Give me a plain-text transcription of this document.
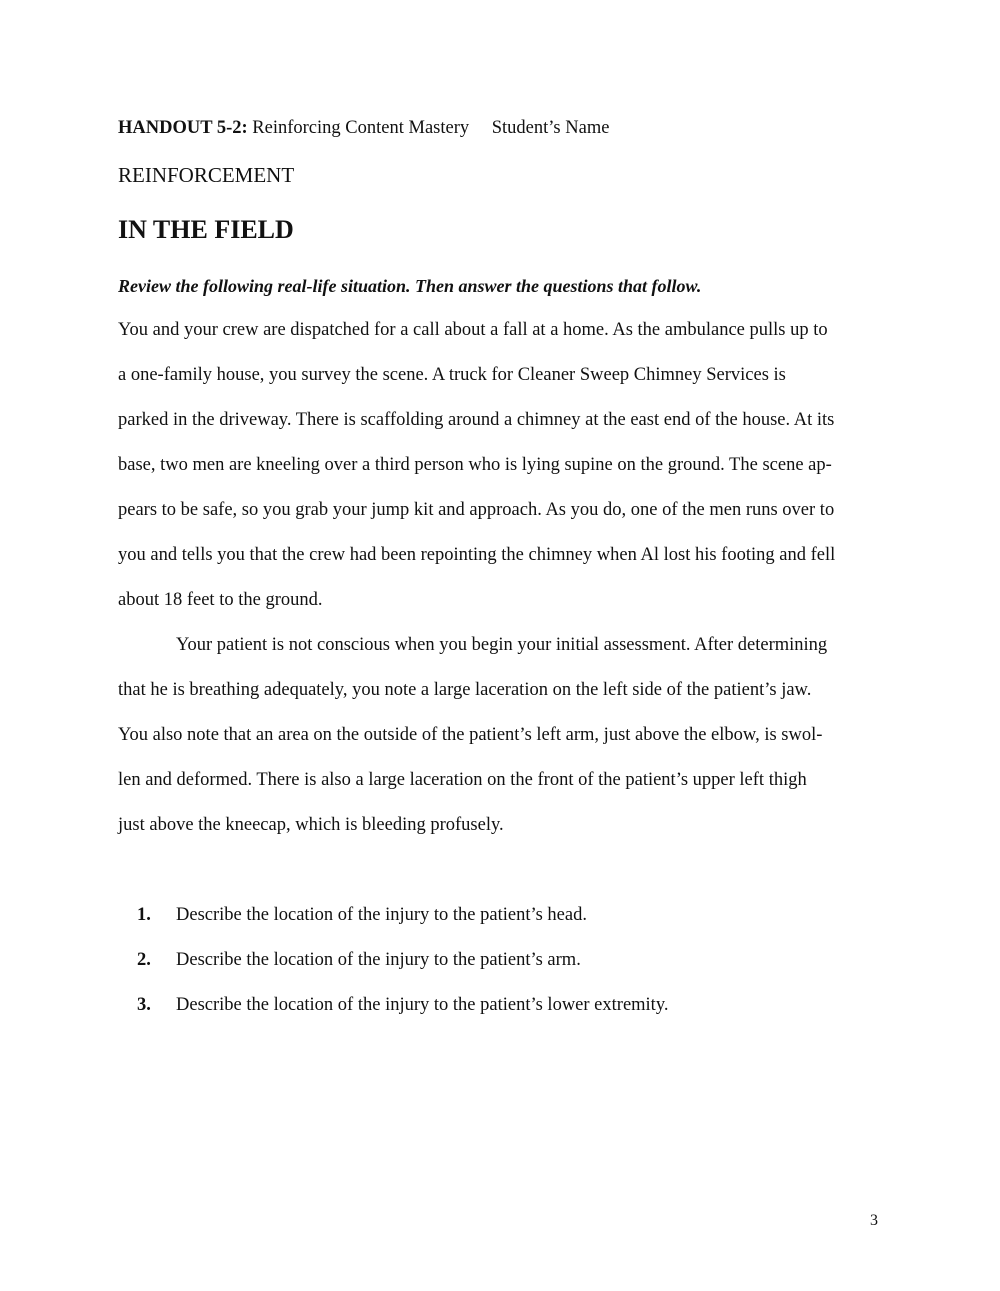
HANDOUT 5-2: Reinforcing Content Mastery Student’s Name
REINFORCEMENT
IN THE FIELD
Review the following real-life situation. Then answer the questions that follow.
You and your crew are dispatched for a call about a fall at a home. As the ambulance pulls up to
a one-family house, you survey the scene. A truck for Cleaner Sweep Chimney Services is
parked in the driveway. There is scaffolding around a chimney at the east end of the house. At its
base, two men are kneeling over a third person who is lying supine on the ground. The scene ap-
pears to be safe, so you grab your jump kit and approach. As you do, one of the men runs over to
you and tells you that the crew had been repointing the chimney when Al lost his footing and fell
about 18 feet to the ground.
Your patient is not conscious when you begin your initial assessment. After determining
that he is breathing adequately, you note a large laceration on the left side of the patient’s jaw.
You also note that an area on the outside of the patient’s left arm, just above the elbow, is swol-
len and deformed. There is also a large laceration on the front of the patient’s upper left thigh
just above the kneecap, which is bleeding profusely.
1. Describe the location of the injury to the patient’s head.
2. Describe the location of the injury to the patient’s arm.
3. Describe the location of the injury to the patient’s lower extremity.
3
